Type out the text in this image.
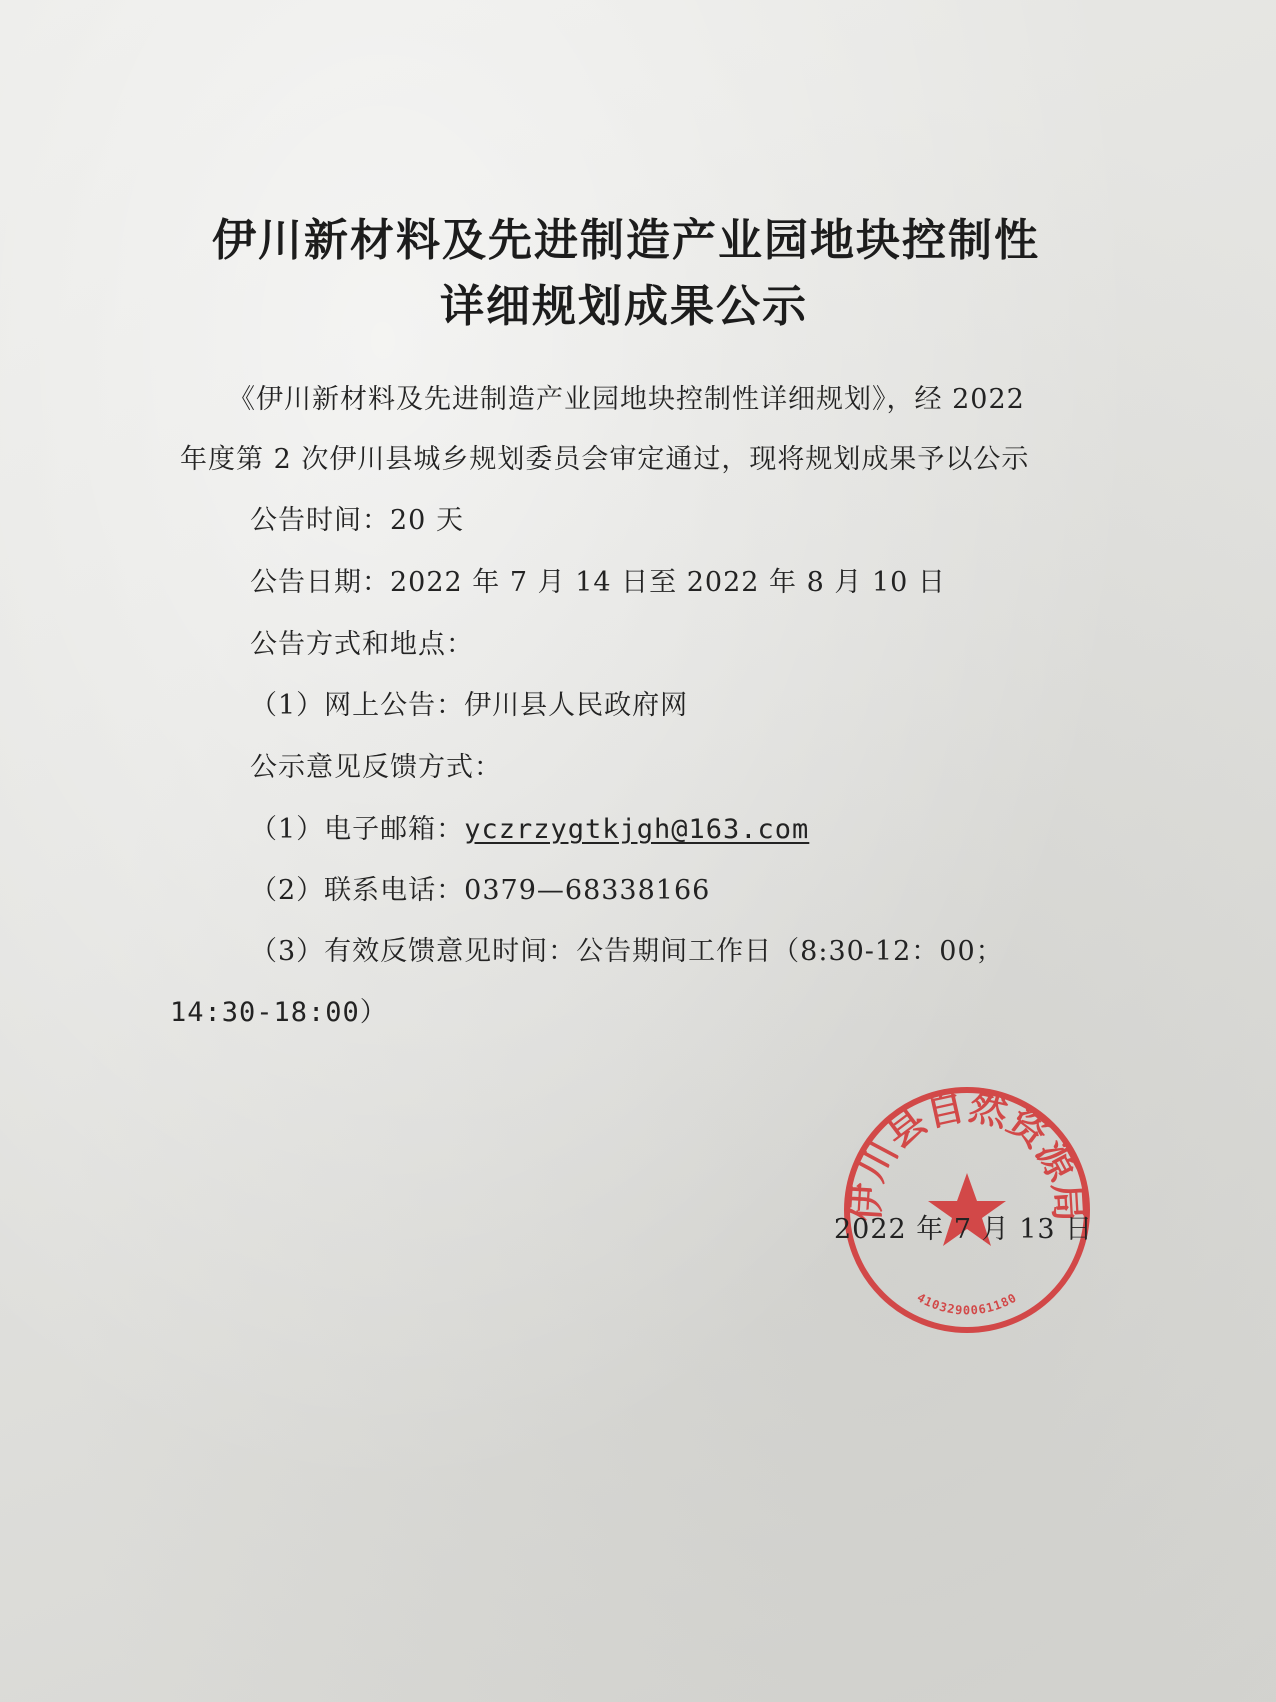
伊川新材料及先进制造产业园地块控制性
详细规划成果公示

《伊川新材料及先进制造产业园地块控制性详细规划》，经 2022

年度第 2 次伊川县城乡规划委员会审定通过，现将规划成果予以公示

公告时间：20 天

公告日期：2022 年 7 月 14 日至 2022 年 8 月 10 日

公告方式和地点：

（1）网上公告：伊川县人民政府网

公示意见反馈方式：

（1）电子邮箱：yczrzygtkjgh@163.com

（2）联系电话：0379—68338166

（3）有效反馈意见时间：公告期间工作日（8:30-12：00；

14:30-18:00）

伊川县自然资源局
4103290061180

2022 年 7 月 13 日
